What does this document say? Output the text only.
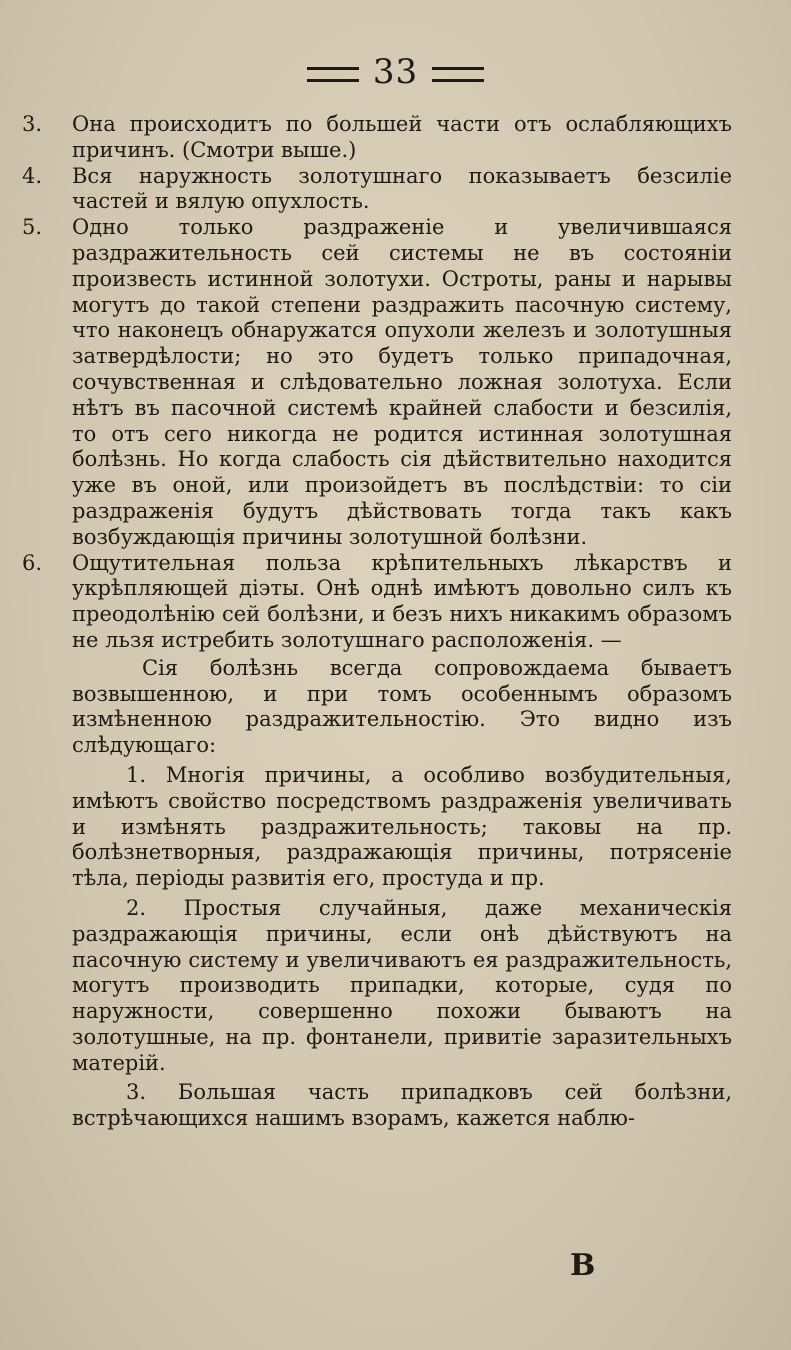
33
3.	Она происходитъ по большей части отъ ослабляющихъ причинъ. (Смотри выше.)
4.	Вся наружность золотушнаго показываетъ безсиліе частей и вялую опухлость.
5.	Одно только раздраженіе и увеличившаяся раздражительность сей системы не въ состояніи произвесть истинной золотухи. Остроты, раны и нарывы могутъ до такой степени раздражить пасочную систему, что наконецъ обнаружатся опухоли железъ и золотушныя затвердѣлости; но это будетъ только припадочная, сочувственная и слѣдовательно ложная золотуха. Если нѣтъ въ пасочной системѣ крайней слабости и безсилія, то отъ сего никогда не родится истинная золотушная болѣзнь. Но когда слабость сія дѣйствительно находится уже въ оной, или произойдетъ въ послѣдствіи: то сіи раздраженія будутъ дѣйствовать тогда такъ какъ возбуждающія причины золотушной болѣзни.
6.	Ощутительная польза крѣпительныхъ лѣкарствъ и укрѣпляющей діэты. Онѣ однѣ имѣютъ довольно силъ къ преодолѣнію сей болѣзни, и безъ нихъ никакимъ образомъ не льзя истребить золотушнаго расположенія. —
Сія болѣзнь всегда сопровождаема бываетъ возвышенною, и при томъ особеннымъ образомъ измѣненною раздражительностію. Это видно изъ слѣдующаго:
1. Многія причины, а особливо возбудительныя, имѣютъ свойство посредствомъ раздраженія увеличивать и измѣнять раздражительность; таковы на пр. болѣзнетворныя, раздражающія причины, потрясеніе тѣла, періоды развитія его, простуда и пр.
2. Простыя случайныя, даже механическія раздражающія причины, если онѣ дѣйствуютъ на пасочную систему и увеличиваютъ ея раздражительность, могутъ производить припадки, которые, судя по наружности, совершенно похожи бываютъ на золотушные, на пр. фонтанели, привитіе заразительныхъ матерій.
3. Большая часть припадковъ сей болѣзни, встрѣчающихся нашимъ взорамъ, кажется наблю-
B
